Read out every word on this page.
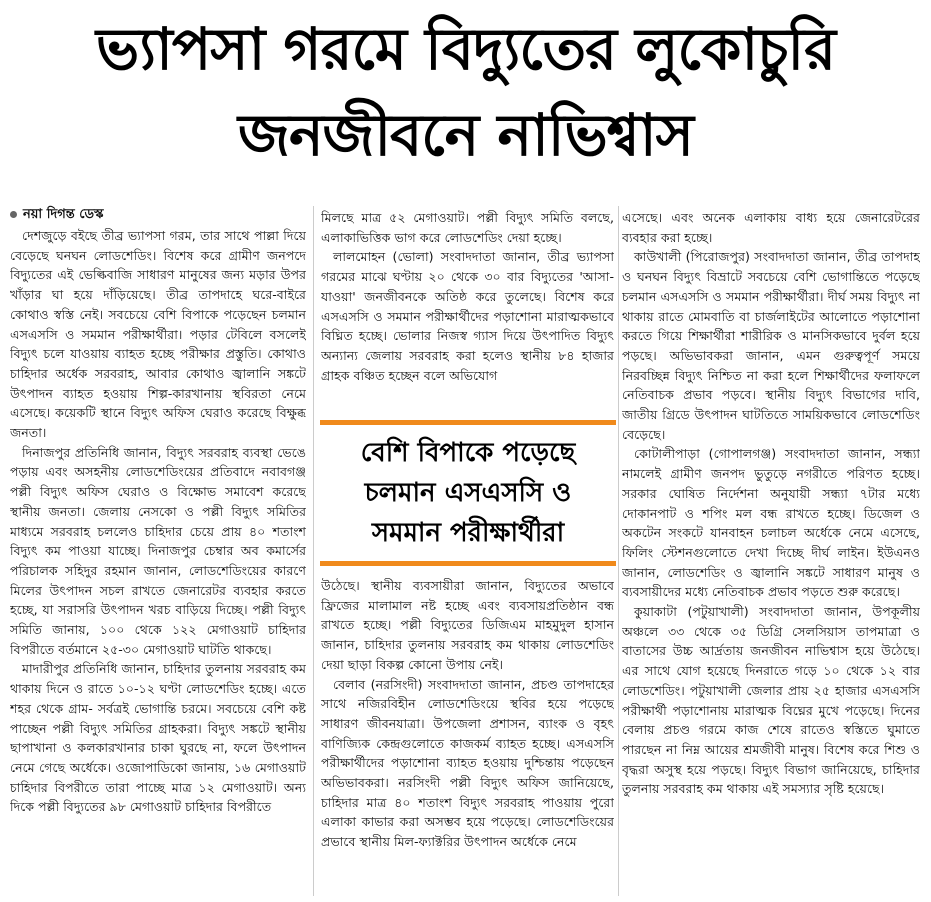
ভ্যাপসা গরমে বিদ্যুতের লুকোচুরি
জনজীবনে নাভিশ্বাস
নয়া দিগন্ত ডেস্ক

দেশজুড়ে বইছে তীব্র ভ্যাপসা গরম, তার সাথে পাল্লা দিয়ে বেড়েছে ঘনঘন লোডশেডিং। বিশেষ করে গ্রামীণ জনপদে বিদ্যুতের এই ভেল্কিবাজি সাধারণ মানুষের জন্য মড়ার উপর খাঁড়ার ঘা হয়ে দাঁড়িয়েছে। তীব্র তাপদাহে ঘরে-বাইরে কোথাও স্বস্তি নেই। সবচেয়ে বেশি বিপাকে পড়েছেন চলমান এসএসসি ও সমমান পরীক্ষার্থীরা। পড়ার টেবিলে বসলেই বিদ্যুৎ চলে যাওয়ায় ব্যাহত হচ্ছে পরীক্ষার প্রস্তুতি। কোথাও চাহিদার অর্ধেক সরবরাহ, আবার কোথাও জ্বালানি সঙ্কটে উৎপাদন ব্যাহত হওয়ায় শিল্প-কারখানায় স্থবিরতা নেমে এসেছে। কয়েকটি স্থানে বিদ্যুৎ অফিস ঘেরাও করেছে বিক্ষুব্ধ জনতা।

দিনাজপুর প্রতিনিধি জানান, বিদ্যুৎ সরবরাহ ব্যবস্থা ভেঙে পড়ায় এবং অসহনীয় লোডশেডিংয়ের প্রতিবাদে নবাবগঞ্জ পল্লী বিদ্যুৎ অফিস ঘেরাও ও বিক্ষোভ সমাবেশ করেছে স্থানীয় জনতা। জেলায় নেসকো ও পল্লী বিদ্যুৎ সমিতির মাধ্যমে সরবরাহ চললেও চাহিদার চেয়ে প্রায় ৪০ শতাংশ বিদ্যুৎ কম পাওয়া যাচ্ছে। দিনাজপুর চেম্বার অব কমার্সের পরিচালক সহিদুর রহমান জানান, লোডশেডিংয়ের কারণে মিলের উৎপাদন সচল রাখতে জেনারেটর ব্যবহার করতে হচ্ছে, যা সরাসরি উৎপাদন খরচ বাড়িয়ে দিচ্ছে। পল্লী বিদ্যুৎ সমিতি জানায়, ১০০ থেকে ১২২ মেগাওয়াট চাহিদার বিপরীতে বর্তমানে ২৫-৩০ মেগাওয়াট ঘাটতি থাকছে।

মাদারীপুর প্রতিনিধি জানান, চাহিদার তুলনায় সরবরাহ কম থাকায় দিনে ও রাতে ১০-১২ ঘণ্টা লোডশেডিং হচ্ছে। এতে শহর থেকে গ্রাম- সর্বত্রই ভোগান্তি চরমে। সবচেয়ে বেশি কষ্ট পাচ্ছেন পল্লী বিদ্যুৎ সমিতির গ্রাহকরা। বিদ্যুৎ সঙ্কটে স্থানীয় ছাপাখানা ও কলকারখানার চাকা ঘুরছে না, ফলে উৎপাদন নেমে গেছে অর্ধেকে। ওজোপাডিকো জানায়, ১৬ মেগাওয়াট চাহিদার বিপরীতে তারা পাচ্ছে মাত্র ১২ মেগাওয়াট। অন্য দিকে পল্লী বিদ্যুতের ৯৮ মেগাওয়াট চাহিদার বিপরীতে

মিলছে মাত্র ৫২ মেগাওয়াট। পল্লী বিদ্যুৎ সমিতি বলছে, এলাকাভিত্তিক ভাগ করে লোডশেডিং দেয়া হচ্ছে।

লালমোহন (ভোলা) সংবাদদাতা জানান, তীব্র ভ্যাপসা গরমের মাঝে ঘণ্টায় ২০ থেকে ৩০ বার বিদ্যুতের 'আসা-যাওয়া' জনজীবনকে অতিষ্ঠ করে তুলেছে। বিশেষ করে এসএসসি ও সমমান পরীক্ষার্থীদের পড়াশোনা মারাত্মকভাবে বিঘ্নিত হচ্ছে। ভোলার নিজস্ব গ্যাস দিয়ে উৎপাদিত বিদ্যুৎ অন্যান্য জেলায় সরবরাহ করা হলেও স্থানীয় ৮৪ হাজার গ্রাহক বঞ্চিত হচ্ছেন বলে অভিযোগ

বেশি বিপাকে পড়েছে
চলমান এসএসসি ও
সমমান পরীক্ষার্থীরা

উঠেছে। স্থানীয় ব্যবসায়ীরা জানান, বিদ্যুতের অভাবে ফ্রিজের মালামাল নষ্ট হচ্ছে এবং ব্যবসায়প্রতিষ্ঠান বন্ধ রাখতে হচ্ছে। পল্লী বিদ্যুতের ডিজিএম মাহমুদুল হাসান জানান, চাহিদার তুলনায় সরবরাহ কম থাকায় লোডশেডিং দেয়া ছাড়া বিকল্প কোনো উপায় নেই।

বেলাব (নরসিংদী) সংবাদদাতা জানান, প্রচণ্ড তাপদাহের সাথে নজিরবিহীন লোডশেডিংয়ে স্থবির হয়ে পড়েছে সাধারণ জীবনযাত্রা। উপজেলা প্রশাসন, ব্যাংক ও বৃহৎ বাণিজ্যিক কেন্দ্রগুলোতে কাজকর্ম ব্যাহত হচ্ছে। এসএসসি পরীক্ষার্থীদের পড়াশোনা ব্যাহত হওয়ায় দুশ্চিন্তায় পড়েছেন অভিভাবকরা। নরসিংদী পল্লী বিদ্যুৎ অফিস জানিয়েছে, চাহিদার মাত্র ৪০ শতাংশ বিদ্যুৎ সরবরাহ পাওয়ায় পুরো এলাকা কাভার করা অসম্ভব হয়ে পড়েছে। লোডশেডিংয়ের প্রভাবে স্থানীয় মিল-ফ্যাক্টরির উৎপাদন অর্ধেকে নেমে

এসেছে। এবং অনেক এলাকায় বাধ্য হয়ে জেনারেটরের ব্যবহার করা হচ্ছে।

কাউখালী (পিরোজপুর) সংবাদদাতা জানান, তীব্র তাপদাহ ও ঘনঘন বিদ্যুৎ বিভ্রাটে সবচেয়ে বেশি ভোগান্তিতে পড়েছে চলমান এসএসসি ও সমমান পরীক্ষার্থীরা। দীর্ঘ সময় বিদ্যুৎ না থাকায় রাতে মোমবাতি বা চার্জলাইটের আলোতে পড়াশোনা করতে গিয়ে শিক্ষার্থীরা শারীরিক ও মানসিকভাবে দুর্বল হয়ে পড়ছে। অভিভাবকরা জানান, এমন গুরুত্বপূর্ণ সময়ে নিরবচ্ছিন্ন বিদ্যুৎ নিশ্চিত না করা হলে শিক্ষার্থীদের ফলাফলে নেতিবাচক প্রভাব পড়বে। স্থানীয় বিদ্যুৎ বিভাগের দাবি, জাতীয় গ্রিডে উৎপাদন ঘাটতিতে সাময়িকভাবে লোডশেডিং বেড়েছে।

কোটালীপাড়া (গোপালগঞ্জ) সংবাদদাতা জানান, সন্ধ্যা নামলেই গ্রামীণ জনপদ ভুতুড়ে নগরীতে পরিণত হচ্ছে। সরকার ঘোষিত নির্দেশনা অনুযায়ী সন্ধ্যা ৭টার মধ্যে দোকানপাট ও শপিং মল বন্ধ রাখতে হচ্ছে। ডিজেল ও অকটেন সংকটে যানবাহন চলাচল অর্ধেকে নেমে এসেছে, ফিলিং স্টেশনগুলোতে দেখা দিচ্ছে দীর্ঘ লাইন। ইউএনও জানান, লোডশেডিং ও জ্বালানি সঙ্কটে সাধারণ মানুষ ও ব্যবসায়ীদের মধ্যে নেতিবাচক প্রভাব পড়তে শুরু করেছে।

কুয়াকাটা (পটুয়াখালী) সংবাদদাতা জানান, উপকূলীয় অঞ্চলে ৩৩ থেকে ৩৫ ডিগ্রি সেলসিয়াস তাপমাত্রা ও বাতাসের উচ্চ আর্দ্রতায় জনজীবন নাভিশ্বাস হয়ে উঠেছে। এর সাথে যোগ হয়েছে দিনরাতে গড়ে ১০ থেকে ১২ বার লোডশেডিং। পটুয়াখালী জেলার প্রায় ২৫ হাজার এসএসসি পরীক্ষার্থী পড়াশোনায় মারাত্মক বিঘ্নের মুখে পড়েছে। দিনের বেলায় প্রচণ্ড গরমে কাজ শেষে রাতেও স্বস্তিতে ঘুমাতে পারছেন না নিম্ন আয়ের শ্রমজীবী মানুষ। বিশেষ করে শিশু ও বৃদ্ধরা অসুস্থ হয়ে পড়ছে। বিদ্যুৎ বিভাগ জানিয়েছে, চাহিদার তুলনায় সরবরাহ কম থাকায় এই সমস্যার সৃষ্টি হয়েছে।
